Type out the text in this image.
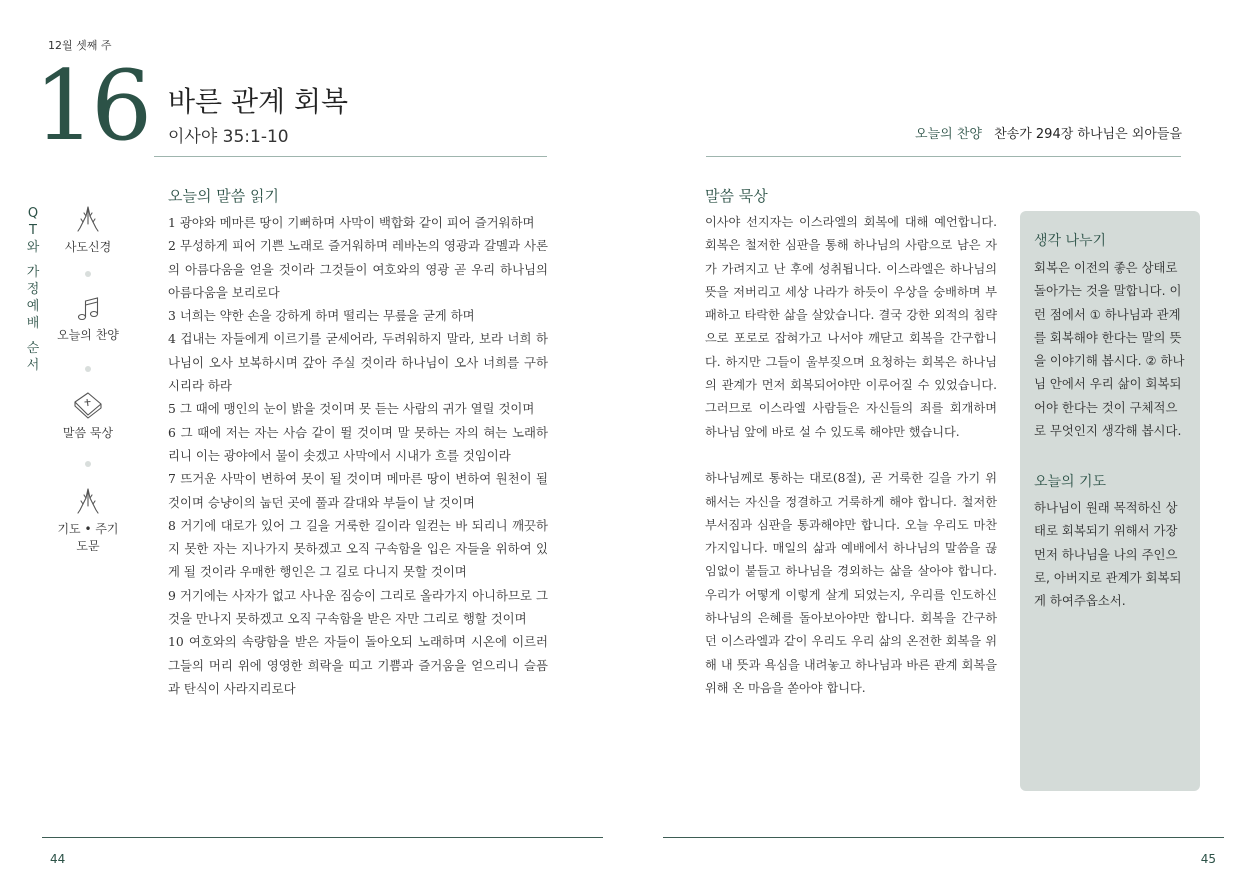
12월 셋째 주
16 바른 관계 회복
이사야 35:1-10	오늘의 찬양 찬송가 294장 하나님은 외아들을
Q
T
와
가
정
예
배
순
서
사도신경
오늘의 찬양
말씀 묵상
기도 • 주기도문
오늘의 말씀 읽기

1 광야와 메마른 땅이 기뻐하며 사막이 백합화 같이 피어 즐거워하며

2 무성하게 피어 기쁜 노래로 즐거워하며 레바논의 영광과 갈멜과 사론의 아름다움을 얻을 것이라 그것들이 여호와의 영광 곧 우리 하나님의 아름다움을 보리로다

3 너희는 약한 손을 강하게 하며 떨리는 무릎을 굳게 하며

4 겁내는 자들에게 이르기를 굳세어라, 두려워하지 말라, 보라 너희 하나님이 오사 보복하시며 갚아 주실 것이라 하나님이 오사 너희를 구하시리라 하라

5 그 때에 맹인의 눈이 밝을 것이며 못 듣는 사람의 귀가 열릴 것이며

6 그 때에 저는 자는 사슴 같이 뛸 것이며 말 못하는 자의 혀는 노래하리니 이는 광야에서 물이 솟겠고 사막에서 시내가 흐를 것임이라

7 뜨거운 사막이 변하여 못이 될 것이며 메마른 땅이 변하여 원천이 될 것이며 승냥이의 눕던 곳에 풀과 갈대와 부들이 날 것이며

8 거기에 대로가 있어 그 길을 거룩한 길이라 일컫는 바 되리니 깨끗하지 못한 자는 지나가지 못하겠고 오직 구속함을 입은 자들을 위하여 있게 될 것이라 우매한 행인은 그 길로 다니지 못할 것이며

9 거기에는 사자가 없고 사나운 짐승이 그리로 올라가지 아니하므로 그것을 만나지 못하겠고 오직 구속함을 받은 자만 그리로 행할 것이며

10 여호와의 속량함을 받은 자들이 돌아오되 노래하며 시온에 이르러 그들의 머리 위에 영영한 희락을 띠고 기쁨과 즐거움을 얻으리니 슬픔과 탄식이 사라지리로다

말씀 묵상

이사야 선지자는 이스라엘의 회복에 대해 예언합니다. 회복은 철저한 심판을 통해 하나님의 사람으로 남은 자가 가려지고 난 후에 성취됩니다. 이스라엘은 하나님의 뜻을 저버리고 세상 나라가 하듯이 우상을 숭배하며 부패하고 타락한 삶을 살았습니다. 결국 강한 외적의 침략으로 포로로 잡혀가고 나서야 깨닫고 회복을 간구합니다. 하지만 그들이 울부짖으며 요청하는 회복은 하나님의 관계가 먼저 회복되어야만 이루어질 수 있었습니다. 그러므로 이스라엘 사람들은 자신들의 죄를 회개하며 하나님 앞에 바로 설 수 있도록 해야만 했습니다.

하나님께로 통하는 대로(8절), 곧 거룩한 길을 가기 위해서는 자신을 정결하고 거룩하게 해야 합니다. 철저한 부서짐과 심판을 통과해야만 합니다. 오늘 우리도 마찬가지입니다. 매일의 삶과 예배에서 하나님의 말씀을 끊임없이 붙들고 하나님을 경외하는 삶을 살아야 합니다. 우리가 어떻게 이렇게 살게 되었는지, 우리를 인도하신 하나님의 은혜를 돌아보아야만 합니다. 회복을 간구하던 이스라엘과 같이 우리도 우리 삶의 온전한 회복을 위해 내 뜻과 욕심을 내려놓고 하나님과 바른 관계 회복을 위해 온 마음을 쏟아야 합니다.

생각 나누기
회복은 이전의 좋은 상태로 돌아가는 것을 말합니다. 이런 점에서 ① 하나님과 관계를 회복해야 한다는 말의 뜻을 이야기해 봅시다. ② 하나님 안에서 우리 삶이 회복되어야 한다는 것이 구체적으로 무엇인지 생각해 봅시다.
오늘의 기도
하나님이 원래 목적하신 상태로 회복되기 위해서 가장 먼저 하나님을 나의 주인으로, 아버지로 관계가 회복되게 하여주옵소서.
44	45
